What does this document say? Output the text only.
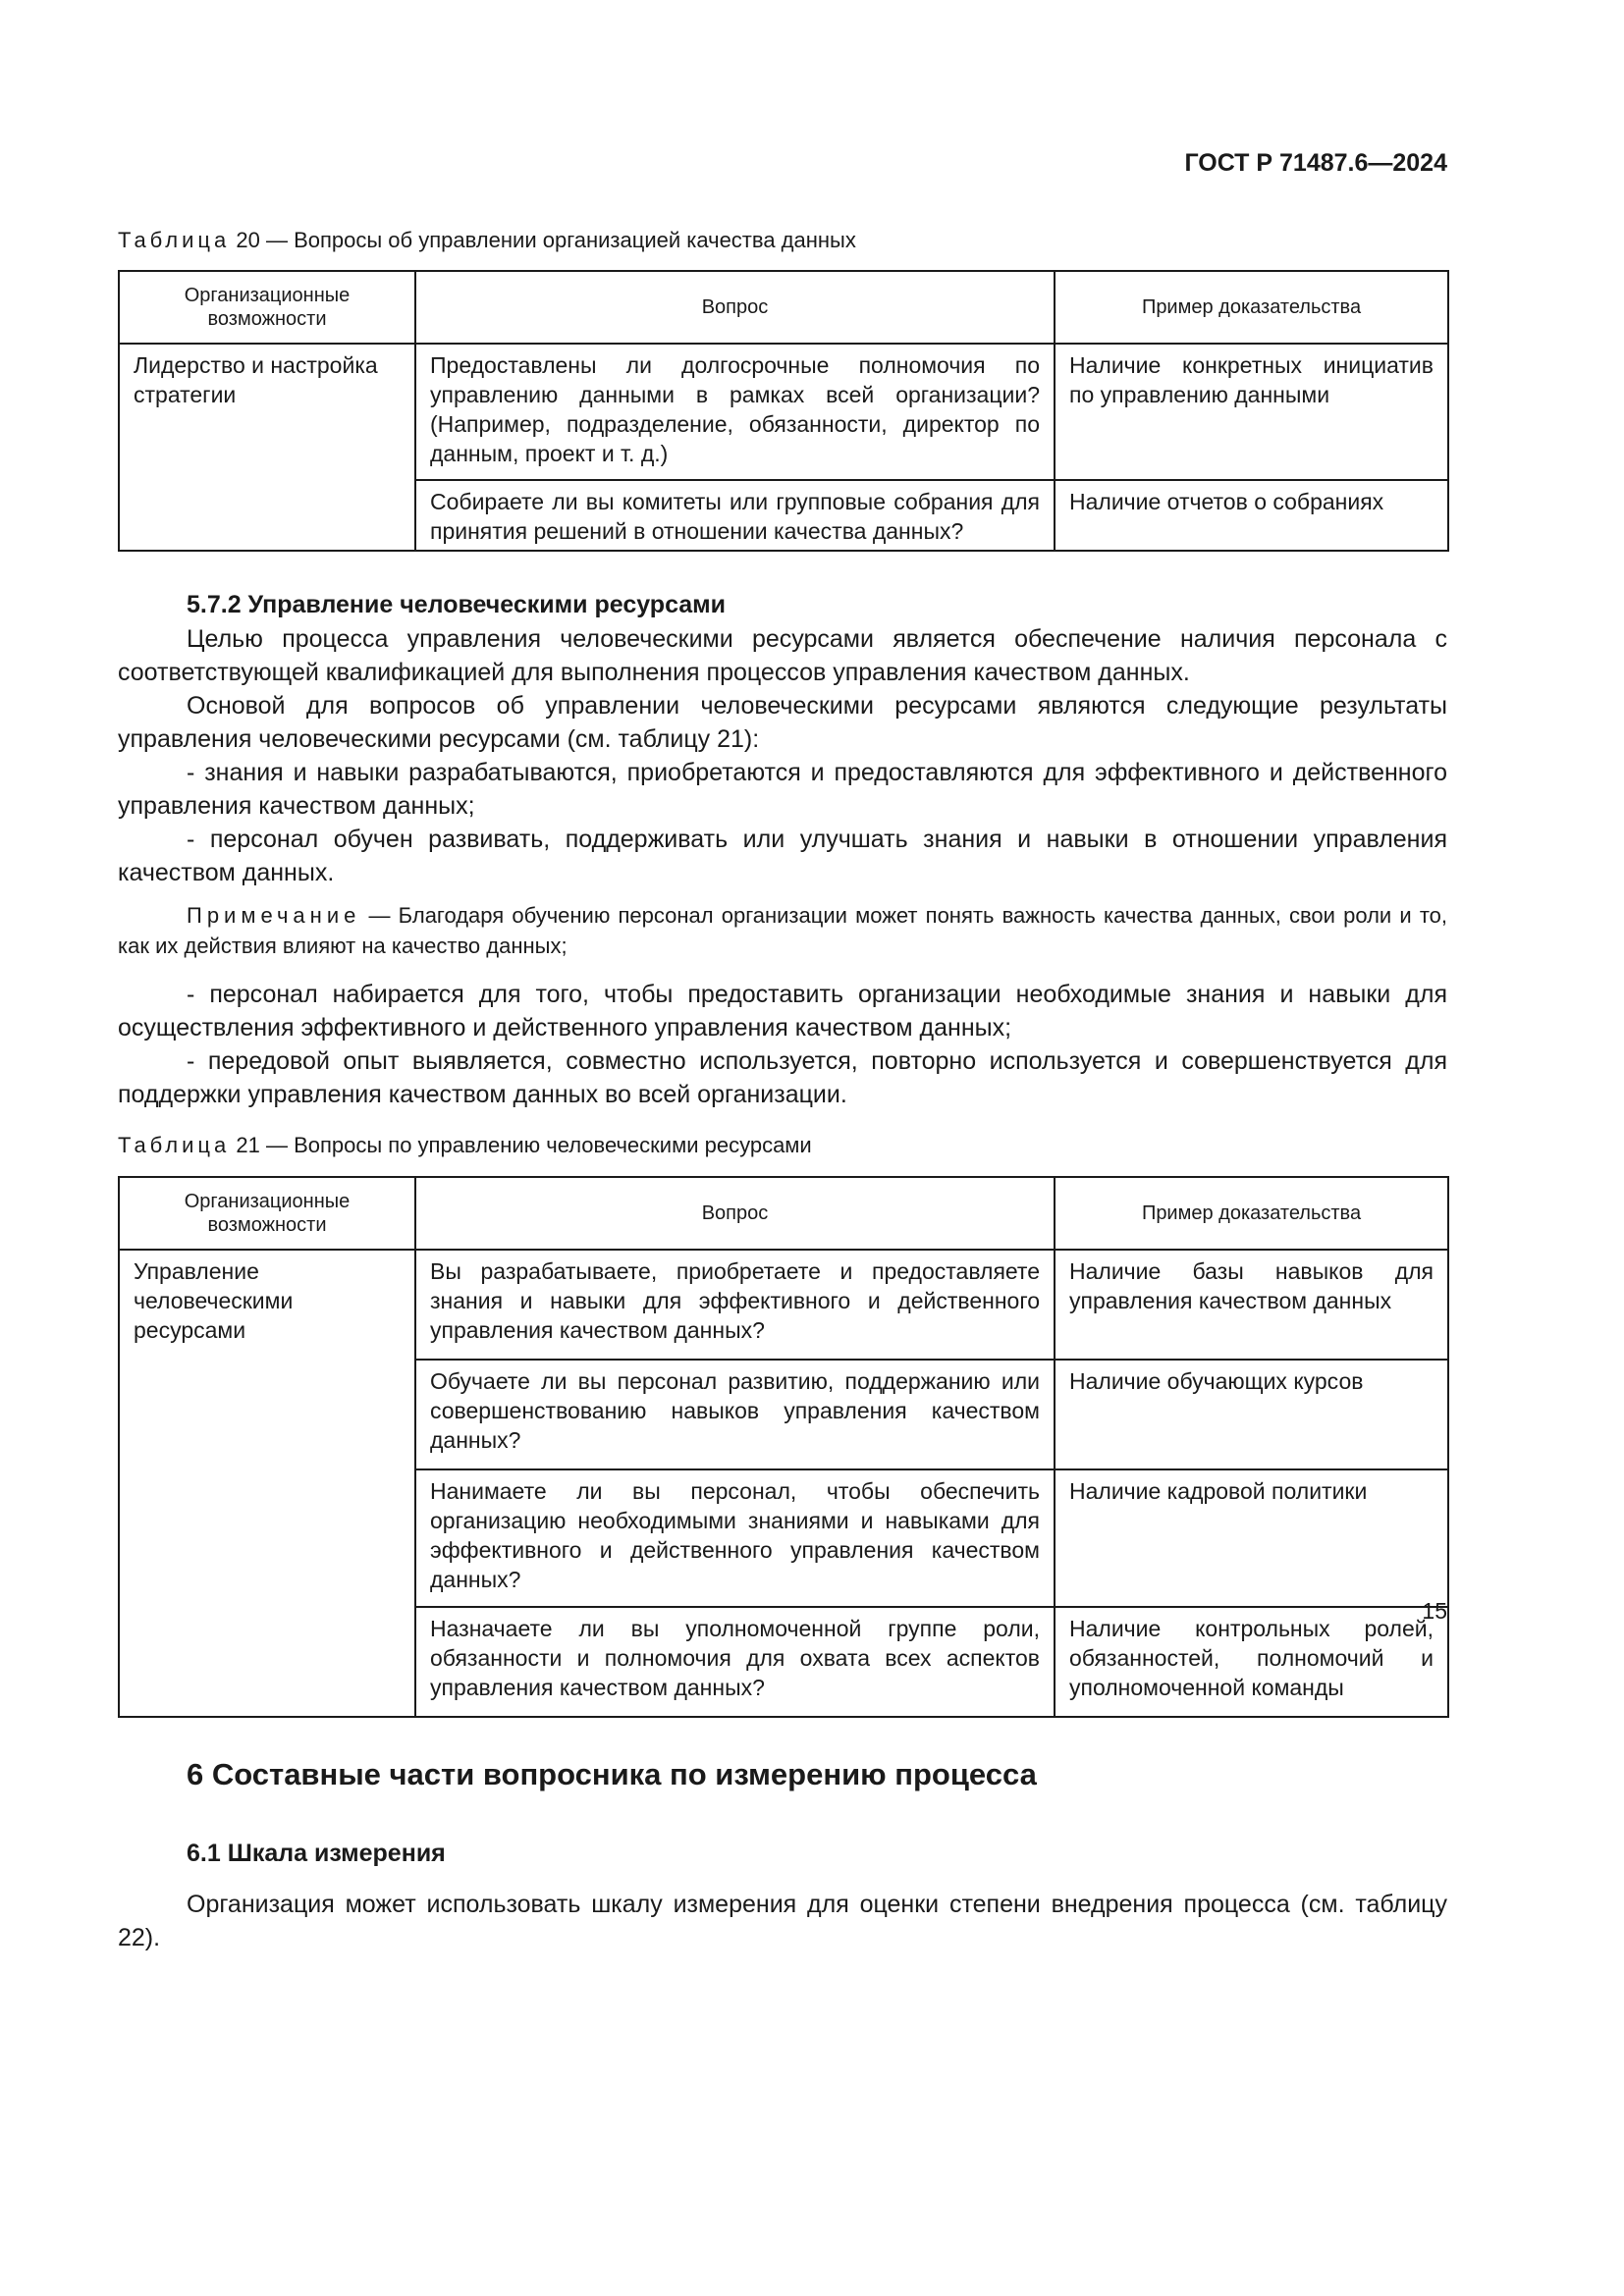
ГОСТ Р 71487.6—2024
Таблица 20 — Вопросы об управлении организацией качества данных
Организационные возможности	Вопрос	Пример доказательства
Лидерство и настройка стратегии	Предоставлены ли долгосрочные полномочия по управлению данными в рамках всей организации? (Например, подразделение, обязанности, директор по данным, проект и т. д.)	Наличие конкретных инициатив по управлению данными
	Собираете ли вы комитеты или групповые собрания для принятия решений в отношении качества данных?	Наличие отчетов о собраниях
5.7.2 Управление человеческими ресурсами

Целью процесса управления человеческими ресурсами является обеспечение наличия персонала с соответствующей квалификацией для выполнения процессов управления качеством данных.

Основой для вопросов об управлении человеческими ресурсами являются следующие результаты управления человеческими ресурсами (см. таблицу 21):

- знания и навыки разрабатываются, приобретаются и предоставляются для эффективного и действенного управления качеством данных;

- персонал обучен развивать, поддерживать или улучшать знания и навыки в отношении управления качеством данных.

Примечание — Благодаря обучению персонал организации может понять важность качества данных, свои роли и то, как их действия влияют на качество данных;

- персонал набирается для того, чтобы предоставить организации необходимые знания и навыки для осуществления эффективного и действенного управления качеством данных;

- передовой опыт выявляется, совместно используется, повторно используется и совершенствуется для поддержки управления качеством данных во всей организации.

Таблица 21 — Вопросы по управлению человеческими ресурсами
Организационные возможности	Вопрос	Пример доказательства
Управление человеческими ресурсами	Вы разрабатываете, приобретаете и предоставляете знания и навыки для эффективного и действенного управления качеством данных?	Наличие базы навыков для управления качеством данных
	Обучаете ли вы персонал развитию, поддержанию или совершенствованию навыков управления качеством данных?	Наличие обучающих курсов
	Нанимаете ли вы персонал, чтобы обеспечить организацию необходимыми знаниями и навыками для эффективного и действенного управления качеством данных?	Наличие кадровой политики
	Назначаете ли вы уполномоченной группе роли, обязанности и полномочия для охвата всех аспектов управления качеством данных?	Наличие контрольных ролей, обязанностей, полномочий и уполномоченной команды
6 Составные части вопросника по измерению процесса
6.1 Шкала измерения

Организация может использовать шкалу измерения для оценки степени внедрения процесса (см. таблицу 22).

15
